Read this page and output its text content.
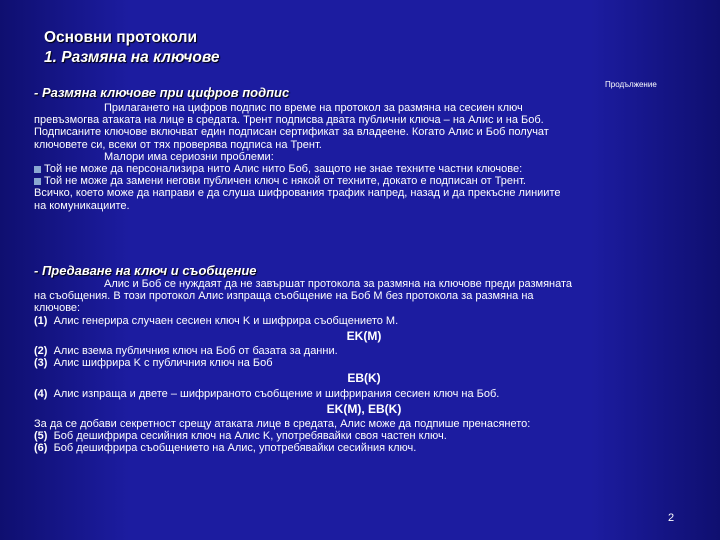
Основни протоколи
1. Размяна на ключове
Продължение
- Размяна ключове при цифров подпис
Прилагането на цифров подпис по време на протокол за размяна на сесиен ключ
превъзмогва атаката на лице в средата. Трент подписва двата публични ключа – на Алис и на Боб.
Подписаните ключове включват един подписан сертификат за владеене. Когато Алис и Боб получат
ключовете си, всеки от тях проверява подписа на Трент.
Малори има сериозни проблеми:
Той не може да персонализира нито Алис нито Боб, защото не знае техните частни ключове:
Той не може да замени негови публичен ключ с някой от техните, докато е подписан от Трент.
Всичко, което може да направи е да слуша шифрования трафик напред, назад и да прекъсне линиите
на комуникациите.
- Предаване на ключ и съобщение
Алис и Боб се нуждаят да не завършат протокола за размяна на ключове преди размяната
на съобщения. В този протокол Алис изпраща съобщение на Боб M без протокола за размяна на
ключове:
(1) Алис генерира случаен сесиен ключ K и шифрира съобщението M.
EK(M)
(2) Алис взема публичния ключ на Боб от базата за данни.
(3) Алис шифрира K с публичния ключ на Боб
EB(K)
(4) Алис изпраща и двете – шифрираното съобщение и шифрирания сесиен ключ на Боб.
EK(M), EB(K)
За да се добави секретност срещу атаката лице в средата, Алис може да подпише пренасянето:
(5) Боб дешифрира сесийния ключ на Алис K, употребявайки своя частен ключ.
(6) Боб дешифрира съобщението на Алис, употребявайки сесийния ключ.
2
